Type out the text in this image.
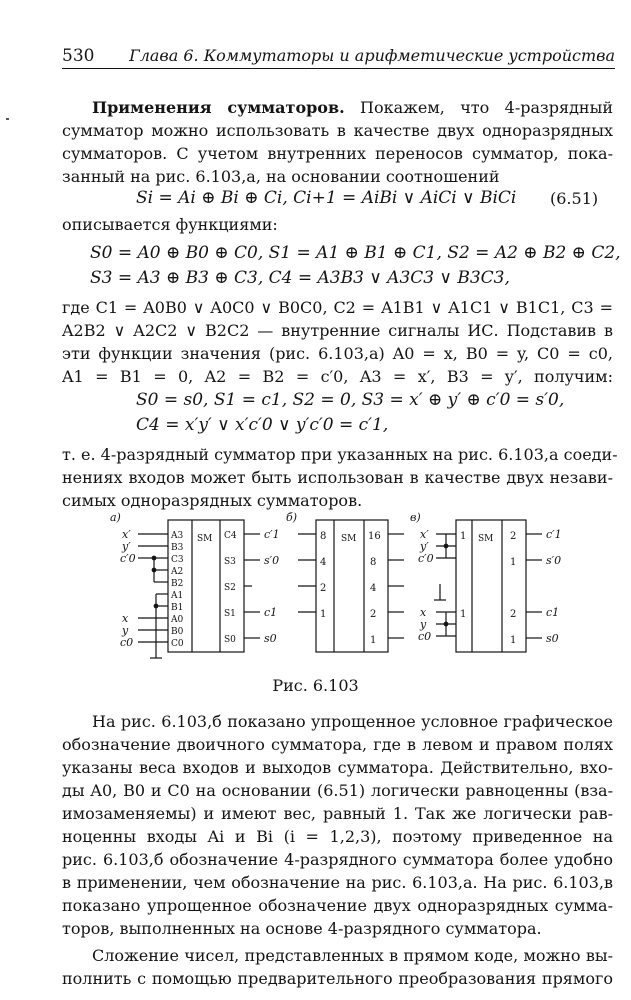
530 Глава 6. Коммутаторы и арифметические устройства
Применения сумматоров. Покажем, что 4-разрядный
сумматор можно использовать в качестве двух одноразрядных
сумматоров. С учетом внутренних переносов сумматор, пока-
занный на рис. 6.103,а, на основании соотношений
Si = Ai ⊕ Bi ⊕ Ci, Ci+1 = AiBi ∨ AiCi ∨ BiCi (6.51)
описывается функциями:
S0 = A0 ⊕ B0 ⊕ C0, S1 = A1 ⊕ B1 ⊕ C1, S2 = A2 ⊕ B2 ⊕ C2,
S3 = A3 ⊕ B3 ⊕ C3, C4 = A3B3 ∨ A3C3 ∨ B3C3,
где C1 = A0B0 ∨ A0C0 ∨ B0C0, C2 = A1B1 ∨ A1C1 ∨ B1C1, C3 =
A2B2 ∨ A2C2 ∨ B2C2 — внутренние сигналы ИС. Подставив в
эти функции значения (рис. 6.103,а) A0 = x, B0 = y, C0 = c0,
A1 = B1 = 0, A2 = B2 = c′0, A3 = x′, B3 = y′, получим:
S0 = s0, S1 = c1, S2 = 0, S3 = x′ ⊕ y′ ⊕ c′0 = s′0,
C4 = x′y′ ∨ x′c′0 ∨ y′c′0 = c′1,
т. е. 4-разрядный сумматор при указанных на рис. 6.103,а соеди-
нениях входов может быть использован в качестве двух незави-
симых одноразрядных сумматоров.
а)
SM
A3
B3
C3
A2
B2
A1
B1
A0
B0
C0
C4
S3
S2
S1
S0
x′
y′
c′0
x
y
c0
c′1
s′0
c1
s0
б)
SM
8
4
2
1
16
8
4
2
1
в)
SM
1
1
2
1
2
1
x′
y′
c′0
x
y
c0
c′1
s′0
c1
s0
Рис. 6.103
На рис. 6.103,б показано упрощенное условное графическое
обозначение двоичного сумматора, где в левом и правом полях
указаны веса входов и выходов сумматора. Действительно, вхо-
ды A0, B0 и C0 на основании (6.51) логически равноценны (вза-
имозаменяемы) и имеют вес, равный 1. Так же логически рав-
ноценны входы Ai и Bi (i = 1,2,3), поэтому приведенное на
рис. 6.103,б обозначение 4-разрядного сумматора более удобно
в применении, чем обозначение на рис. 6.103,а. На рис. 6.103,в
показано упрощенное обозначение двух одноразрядных сумма-
торов, выполненных на основе 4-разрядного сумматора.
Сложение чисел, представленных в прямом коде, можно вы-
полнить с помощью предварительного преобразования прямого
